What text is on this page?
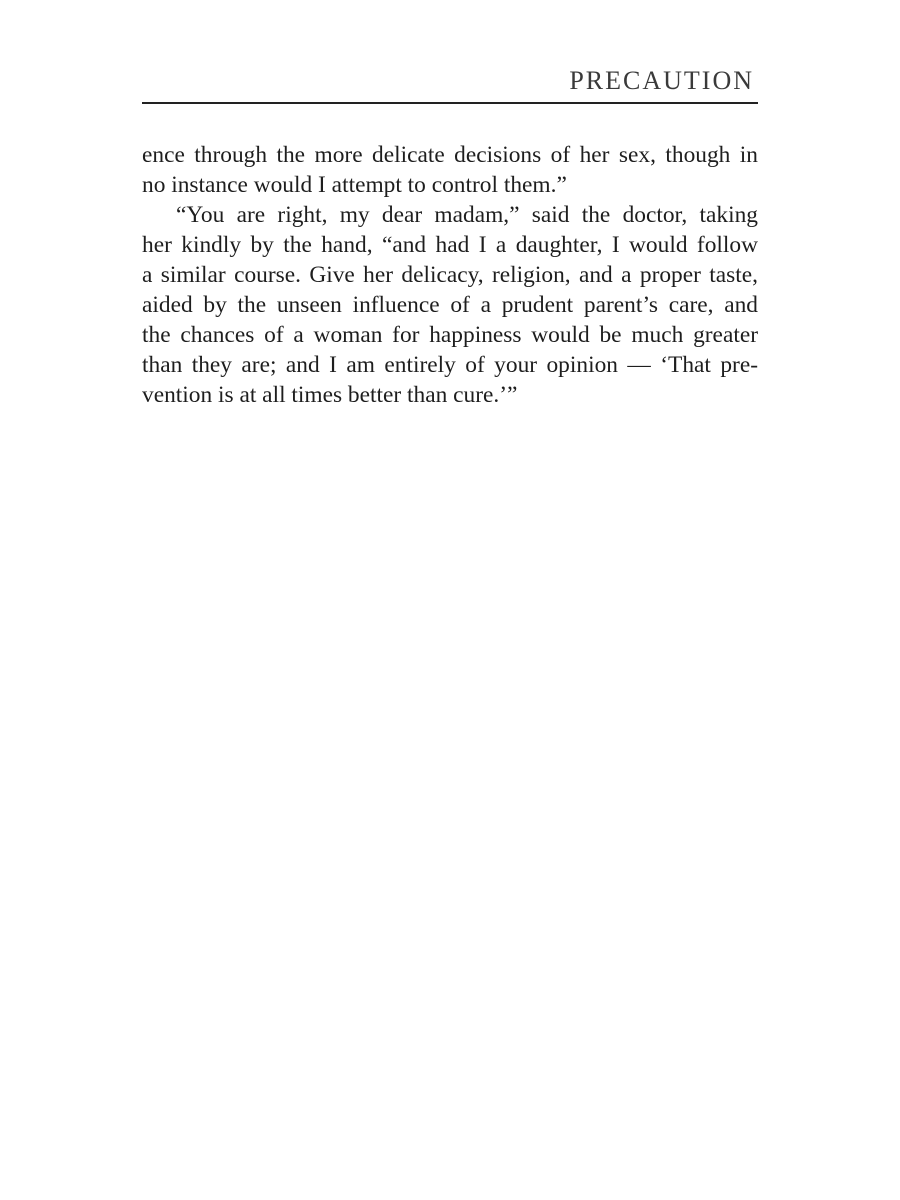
PRECAUTION
ence through the more delicate decisions of her sex, though in
no instance would I attempt to control them.”
“You are right, my dear madam,” said the doctor, taking
her kindly by the hand, “and had I a daughter, I would follow
a similar course. Give her delicacy, religion, and a proper taste,
aided by the unseen influence of a prudent parent’s care, and
the chances of a woman for happiness would be much greater
than they are; and I am entirely of your opinion — ‘That pre-
vention is at all times better than cure.’”
